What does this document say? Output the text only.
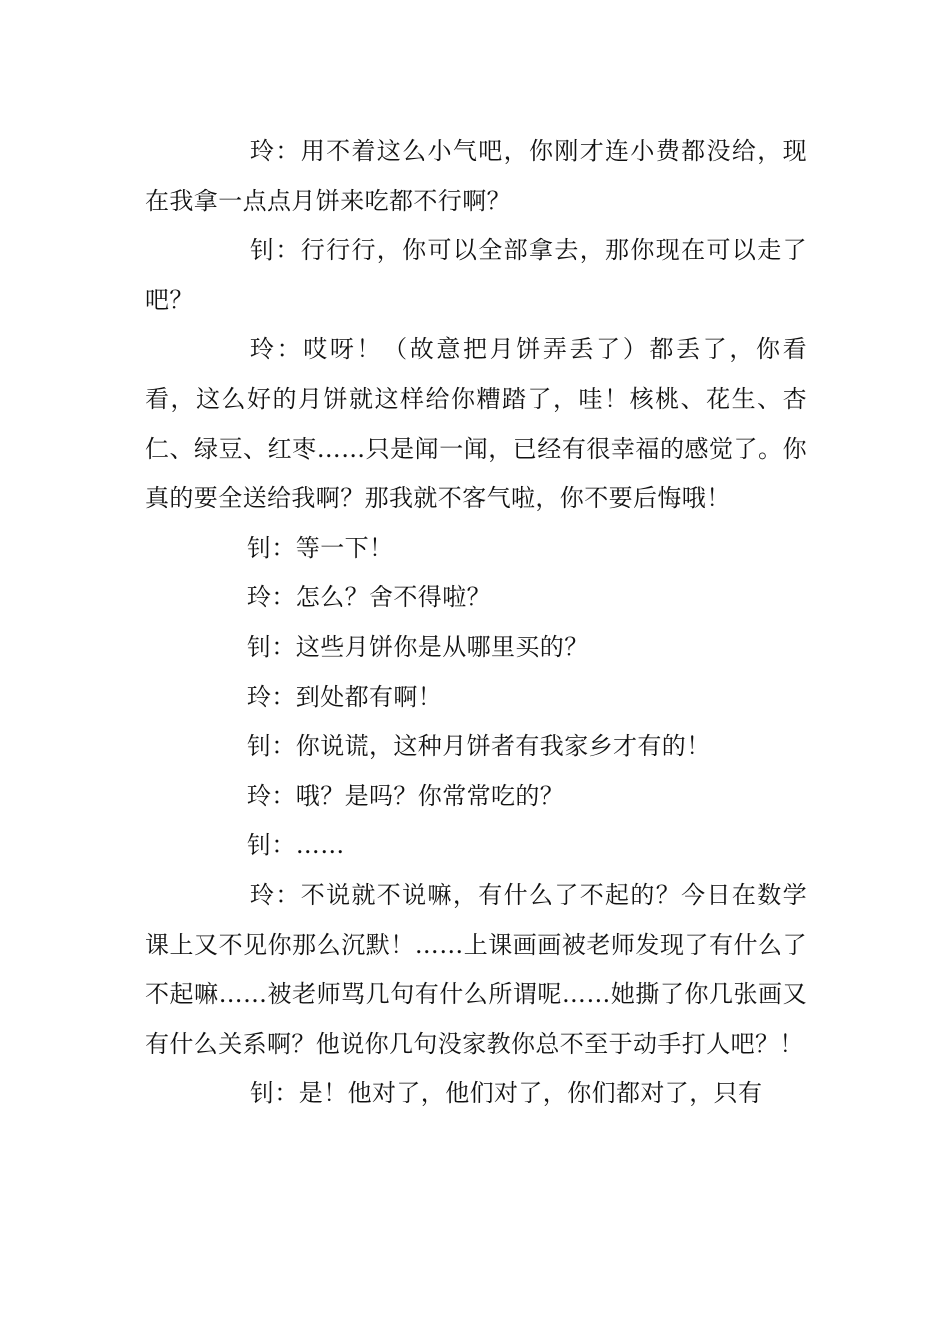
玲：用不着这么小气吧，你刚才连小费都没给，现在我拿一点点月饼来吃都不行啊？

钊：行行行，你可以全部拿去，那你现在可以走了吧？

玲：哎呀！（故意把月饼弄丢了）都丢了，你看看，这么好的月饼就这样给你糟踏了，哇！核桃、花生、杏仁、绿豆、红枣……只是闻一闻，已经有很幸福的感觉了。你真的要全送给我啊？那我就不客气啦，你不要后悔哦！

钊：等一下！

玲：怎么？舍不得啦？

钊：这些月饼你是从哪里买的？

玲：到处都有啊！

钊：你说谎，这种月饼者有我家乡才有的！

玲：哦？是吗？你常常吃的？

钊：……

玲：不说就不说嘛，有什么了不起的？今日在数学课上又不见你那么沉默！……上课画画被老师发现了有什么了不起嘛……被老师骂几句有什么所谓呢……她撕了你几张画又有什么关系啊？他说你几句没家教你总不至于动手打人吧？！

钊：是！他对了，他们对了，你们都对了，只有
